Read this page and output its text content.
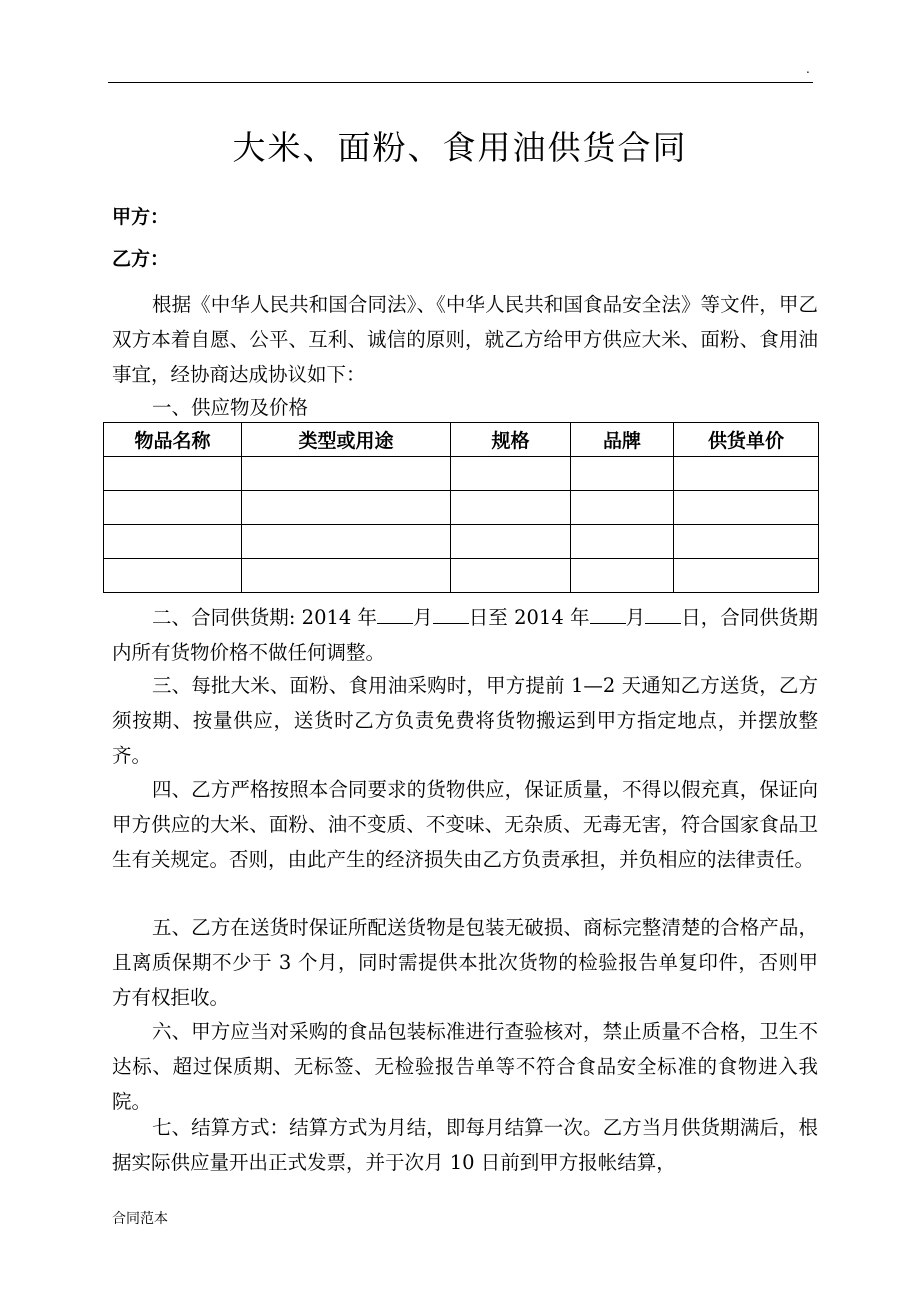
.
大米、面粉、食用油供货合同
甲方：
乙方：

根据《中华人民共和国合同法》、《中华人民共和国食品安全法》等文件，甲乙双方本着自愿、公平、互利、诚信的原则，就乙方给甲方供应大米、面粉、食用油事宜，经协商达成协议如下：

一、供应物及价格

物品名称	类型或用途	规格	品牌	供货单价

二、合同供货期: 2014 年 月 日至 2014 年 月 日，合同供货期内所有货物价格不做任何调整。

三、每批大米、面粉、食用油采购时，甲方提前 1—2 天通知乙方送货，乙方须按期、按量供应，送货时乙方负责免费将货物搬运到甲方指定地点，并摆放整齐。

四、乙方严格按照本合同要求的货物供应，保证质量，不得以假充真，保证向甲方供应的大米、面粉、油不变质、不变味、无杂质、无毒无害，符合国家食品卫生有关规定。否则，由此产生的经济损失由乙方负责承担，并负相应的法律责任。

五、乙方在送货时保证所配送货物是包装无破损、商标完整清楚的合格产品，且离质保期不少于 3 个月，同时需提供本批次货物的检验报告单复印件，否则甲方有权拒收。

六、甲方应当对采购的食品包装标准进行查验核对，禁止质量不合格，卫生不达标、超过保质期、无标签、无检验报告单等不符合食品安全标准的食物进入我院。

七、结算方式：结算方式为月结，即每月结算一次。乙方当月供货期满后，根据实际供应量开出正式发票，并于次月 10 日前到甲方报帐结算，

合同范本
